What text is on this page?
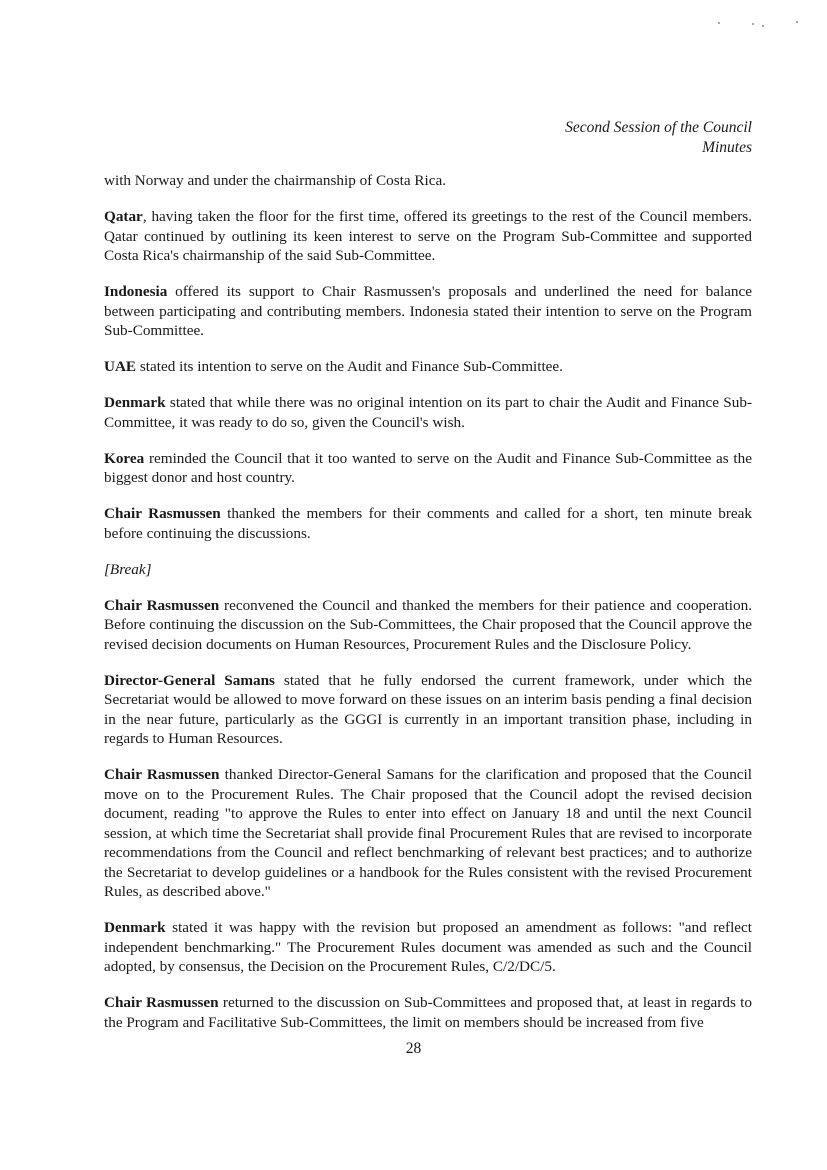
Second Session of the Council
Minutes

with Norway and under the chairmanship of Costa Rica.

Qatar, having taken the floor for the first time, offered its greetings to the rest of the Council members. Qatar continued by outlining its keen interest to serve on the Program Sub-Committee and supported Costa Rica's chairmanship of the said Sub-Committee.

Indonesia offered its support to Chair Rasmussen's proposals and underlined the need for balance between participating and contributing members. Indonesia stated their intention to serve on the Program Sub-Committee.

UAE stated its intention to serve on the Audit and Finance Sub-Committee.

Denmark stated that while there was no original intention on its part to chair the Audit and Finance Sub-Committee, it was ready to do so, given the Council's wish.

Korea reminded the Council that it too wanted to serve on the Audit and Finance Sub-Committee as the biggest donor and host country.

Chair Rasmussen thanked the members for their comments and called for a short, ten minute break before continuing the discussions.

[Break]

Chair Rasmussen reconvened the Council and thanked the members for their patience and cooperation. Before continuing the discussion on the Sub-Committees, the Chair proposed that the Council approve the revised decision documents on Human Resources, Procurement Rules and the Disclosure Policy.

Director-General Samans stated that he fully endorsed the current framework, under which the Secretariat would be allowed to move forward on these issues on an interim basis pending a final decision in the near future, particularly as the GGGI is currently in an important transition phase, including in regards to Human Resources.

Chair Rasmussen thanked Director-General Samans for the clarification and proposed that the Council move on to the Procurement Rules. The Chair proposed that the Council adopt the revised decision document, reading "to approve the Rules to enter into effect on January 18 and until the next Council session, at which time the Secretariat shall provide final Procurement Rules that are revised to incorporate recommendations from the Council and reflect benchmarking of relevant best practices; and to authorize the Secretariat to develop guidelines or a handbook for the Rules consistent with the revised Procurement Rules, as described above."

Denmark stated it was happy with the revision but proposed an amendment as follows: "and reflect independent benchmarking." The Procurement Rules document was amended as such and the Council adopted, by consensus, the Decision on the Procurement Rules, C/2/DC/5.

Chair Rasmussen returned to the discussion on Sub-Committees and proposed that, at least in regards to the Program and Facilitative Sub-Committees, the limit on members should be increased from five

28
